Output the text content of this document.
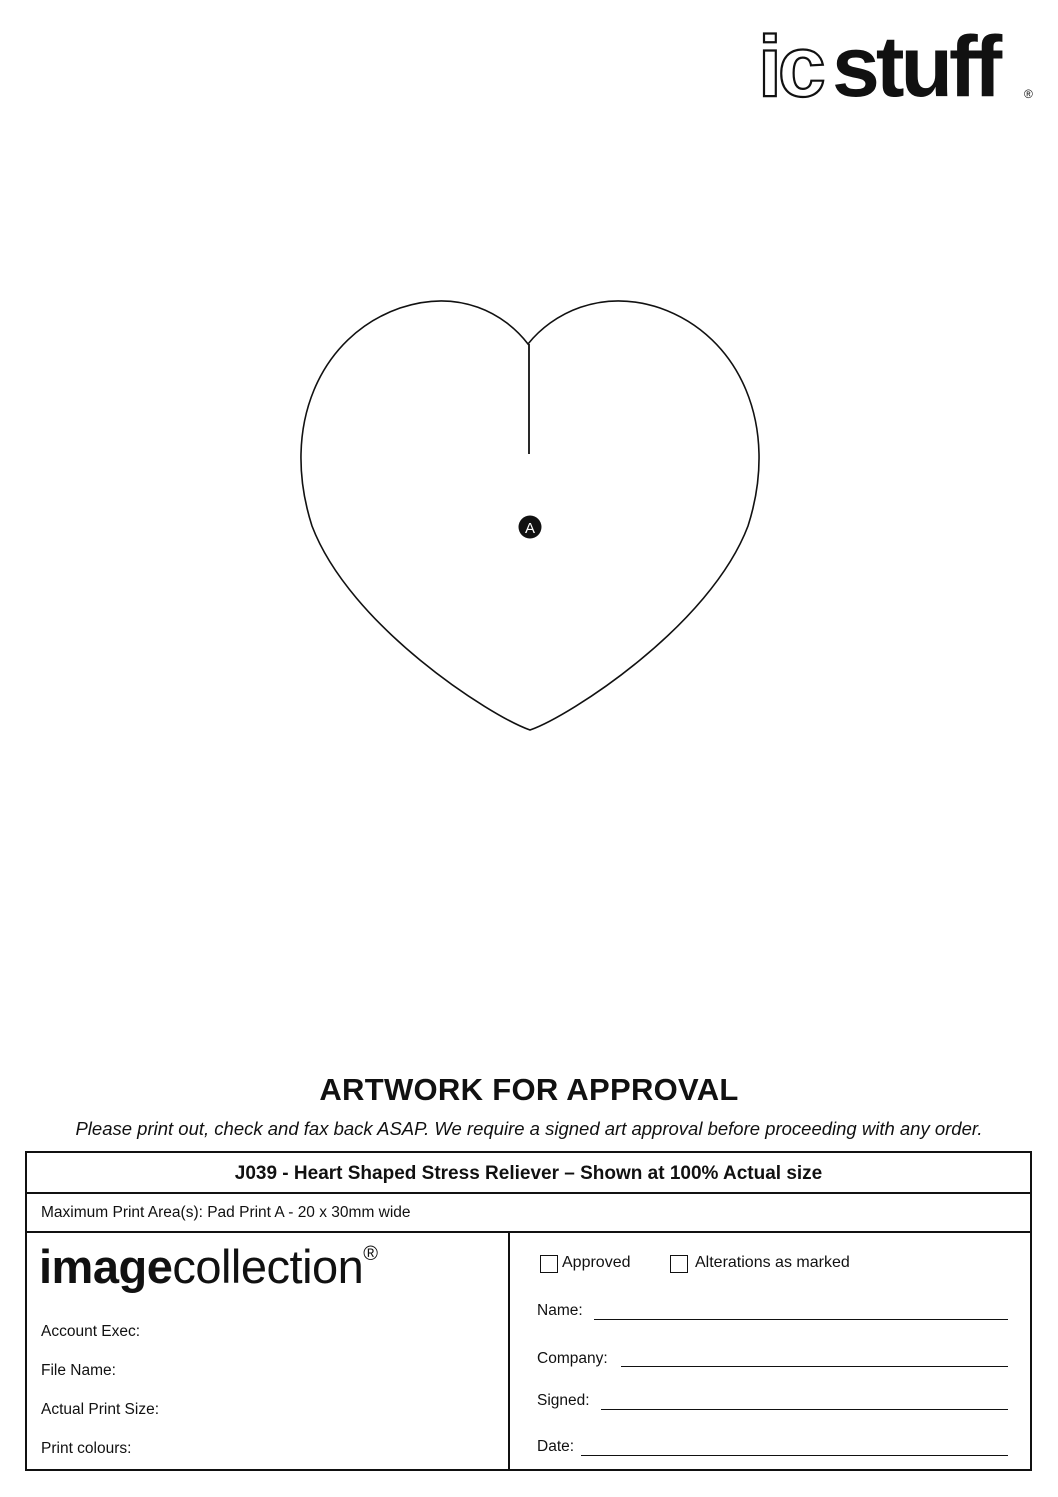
ic stuff	®
A
ARTWORK FOR APPROVAL
Please print out, check and fax back ASAP. We require a signed art approval before proceeding with any order.
J039 - Heart Shaped Stress Reliever – Shown at 100% Actual size
Maximum Print Area(s): Pad Print A - 20 x 30mm wide
imagecollection®
Account Exec:
File Name:
Actual Print Size:
Print colours:
Approved	Alterations as marked
Name:
Company:
Signed:
Date:
